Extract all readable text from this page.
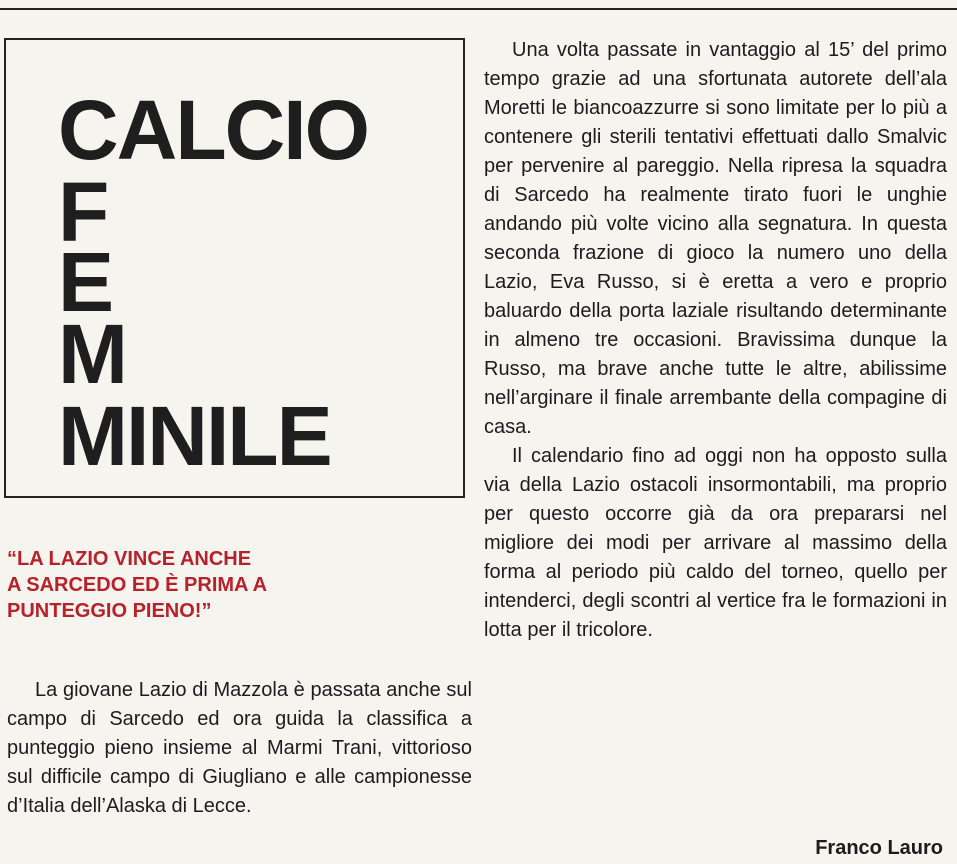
CALCIO
F
E
M
MINILE
“LA LAZIO VINCE ANCHE
A SARCEDO ED È PRIMA A
PUNTEGGIO PIENO!”

La giovane Lazio di Mazzola è passata anche sul campo di Sarcedo ed ora guida la classifica a punteggio pieno insieme al Marmi Trani, vittorioso sul difficile campo di Giugliano e alle campionesse d’Italia dell’Alaska di Lecce.

Una volta passate in vantaggio al 15’ del primo tempo grazie ad una sfortunata autorete dell’ala Moretti le biancoazzurre si sono limitate per lo più a contenere gli sterili tentativi effettuati dallo Smalvic per pervenire al pareggio. Nella ripresa la squadra di Sarcedo ha realmente tirato fuori le unghie andando più volte vicino alla segnatura. In questa seconda frazione di gioco la numero uno della Lazio, Eva Russo, si è eretta a vero e proprio baluardo della porta laziale risultando determinante in almeno tre occasioni. Bravissima dunque la Russo, ma brave anche tutte le altre, abilissime nell’arginare il finale arrembante della compagine di casa.

Il calendario fino ad oggi non ha opposto sulla via della Lazio ostacoli insormontabili, ma proprio per questo occorre già da ora prepararsi nel migliore dei modi per arrivare al massimo della forma al periodo più caldo del torneo, quello per intenderci, degli scontri al vertice fra le formazioni in lotta per il tricolore.

Franco Lauro
